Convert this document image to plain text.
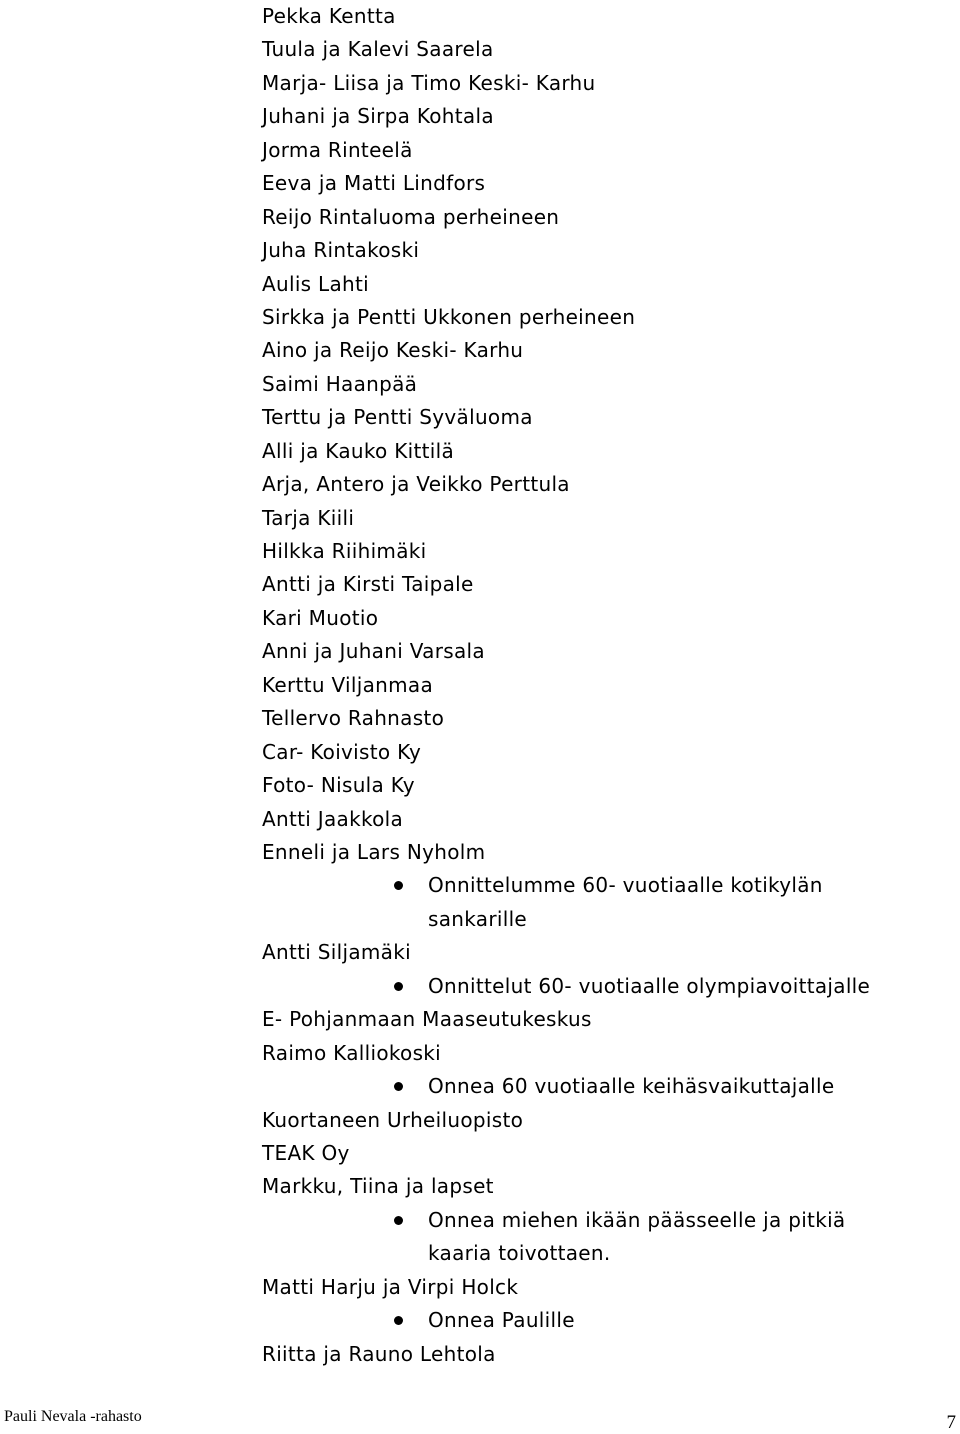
Pekka Kentta
Tuula ja Kalevi Saarela
Marja- Liisa ja Timo Keski- Karhu
Juhani ja Sirpa Kohtala
Jorma Rinteelä
Eeva ja Matti Lindfors
Reijo Rintaluoma perheineen
Juha Rintakoski
Aulis Lahti
Sirkka ja Pentti Ukkonen perheineen
Aino ja Reijo Keski- Karhu
Saimi Haanpää
Terttu ja Pentti Syväluoma
Alli ja Kauko Kittilä
Arja, Antero ja Veikko Perttula
Tarja Kiili
Hilkka Riihimäki
Antti ja Kirsti Taipale
Kari Muotio
Anni ja Juhani Varsala
Kerttu Viljanmaa
Tellervo Rahnasto
Car- Koivisto Ky
Foto- Nisula Ky
Antti Jaakkola
Enneli ja Lars Nyholm
Onnittelumme 60- vuotiaalle kotikylän
sankarille
Antti Siljamäki
Onnittelut 60- vuotiaalle olympiavoittajalle
E- Pohjanmaan Maaseutukeskus
Raimo Kalliokoski
Onnea 60 vuotiaalle keihäsvaikuttajalle
Kuortaneen Urheiluopisto
TEAK Oy
Markku, Tiina ja lapset
Onnea miehen ikään päässeelle ja pitkiä
kaaria toivottaen.
Matti Harju ja Virpi Holck
Onnea Paulille
Riitta ja Rauno Lehtola
Pauli Nevala -rahasto	7
